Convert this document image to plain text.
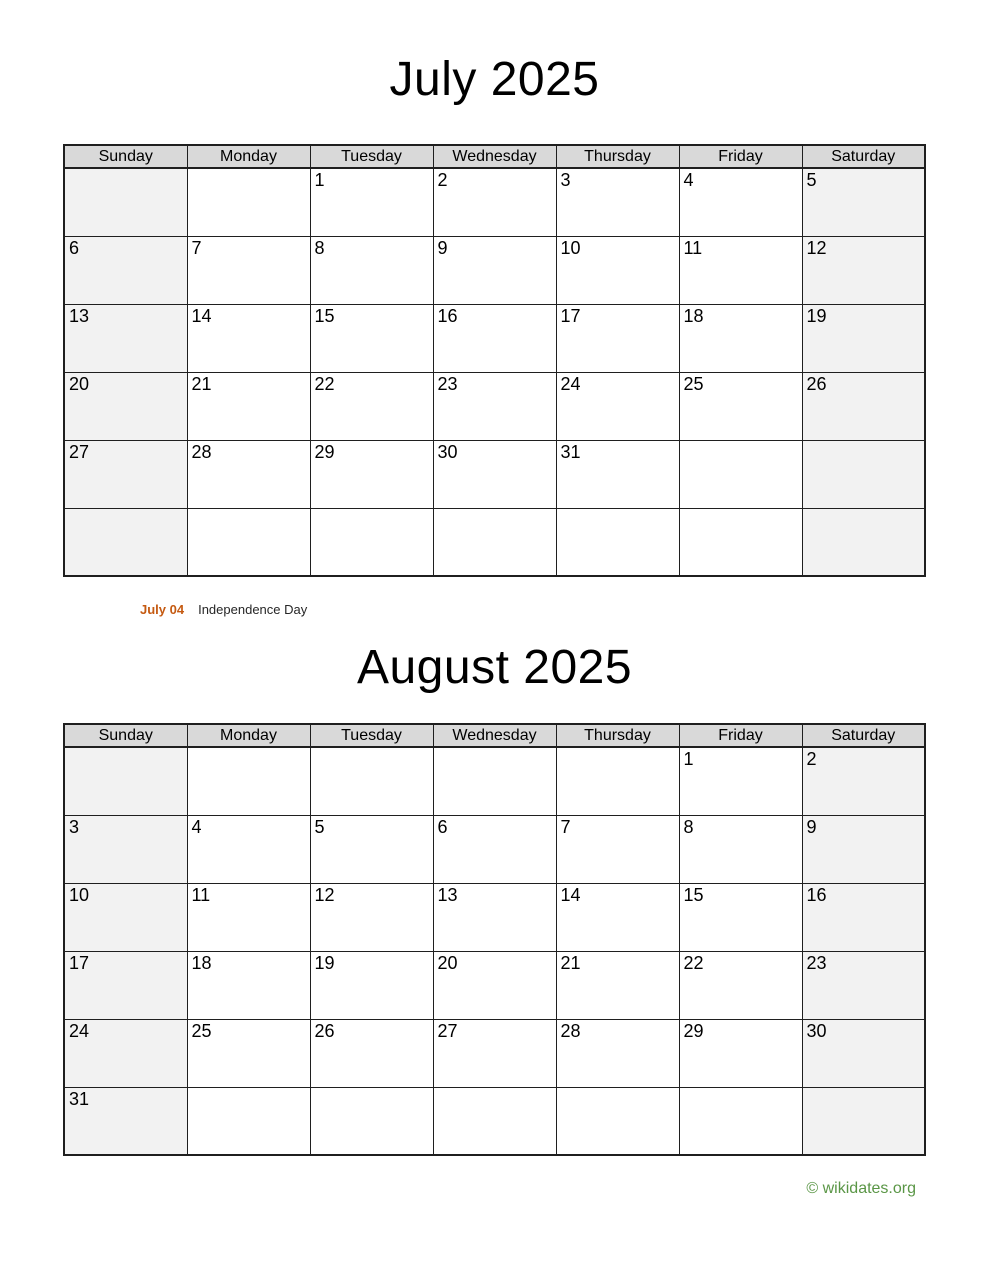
July 2025
Sunday	Monday	Tuesday	Wednesday	Thursday	Friday	Saturday
		1	2	3	4	5
6	7	8	9	10	11	12
13	14	15	16	17	18	19
20	21	22	23	24	25	26
27	28	29	30	31		

July 04 Independence Day

August 2025
Sunday	Monday	Tuesday	Wednesday	Thursday	Friday	Saturday
					1	2
3	4	5	6	7	8	9
10	11	12	13	14	15	16
17	18	19	20	21	22	23
24	25	26	27	28	29	30
31						
© wikidates.org
